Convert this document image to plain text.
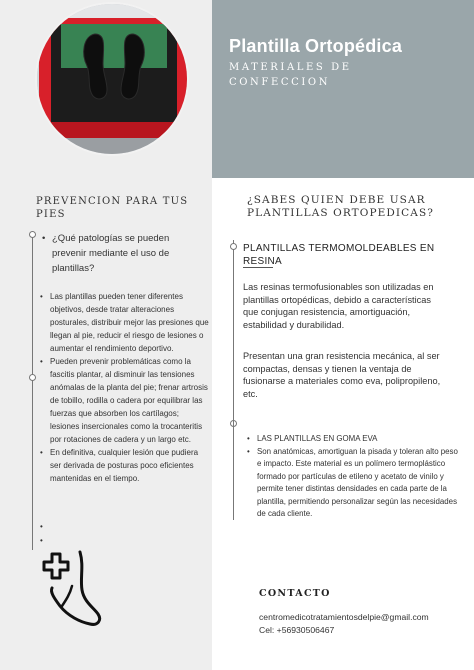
Plantilla Ortopédica
MATERIALES DE CONFECCION
PREVENCION PARA TUS PIES
• ¿Qué patologías se pueden prevenir mediante el uso de plantillas?
• Las plantillas pueden tener diferentes objetivos, desde tratar alteraciones posturales, distribuir mejor las presiones que llegan al pie, reducir el riesgo de lesiones o aumentar el rendimiento deportivo.
• Pueden prevenir problemáticas como la fascitis plantar, al disminuir las tensiones anómalas de la planta del pie; frenar artrosis de tobillo, rodilla o cadera por equilibrar las fuerzas que absorben los cartílagos; lesiones insercionales como la trocanteritis por rotaciones de cadera y un largo etc.
• En definitiva, cualquier lesión que pudiera ser derivada de posturas poco eficientes mantenidas en el tiempo.
•
•
¿SABES QUIEN DEBE USAR PLANTILLAS ORTOPEDICAS?
PLANTILLAS TERMOMOLDEABLES EN RESINA
Las resinas termofusionables son utilizadas en plantillas ortopédicas, debido a características que conjugan resistencia, amortiguación, estabilidad y durabilidad.
Presentan una gran resistencia mecánica, al ser compactas, densas y tienen la ventaja de fusionarse a materiales como eva, polipropileno, etc.
• LAS PLANTILLAS EN GOMA EVA
• Son anatómicas, amortiguan la pisada y toleran alto peso e impacto. Este material es un polímero termoplástico formado por partículas de etileno y acetato de vinilo y permite tener distintas densidades en cada parte de la plantilla, permitiendo personalizar según las necesidades de cada cliente.
CONTACTO
centromedicotratamientosdelpie@gmail.com
Cel: +56930506467
